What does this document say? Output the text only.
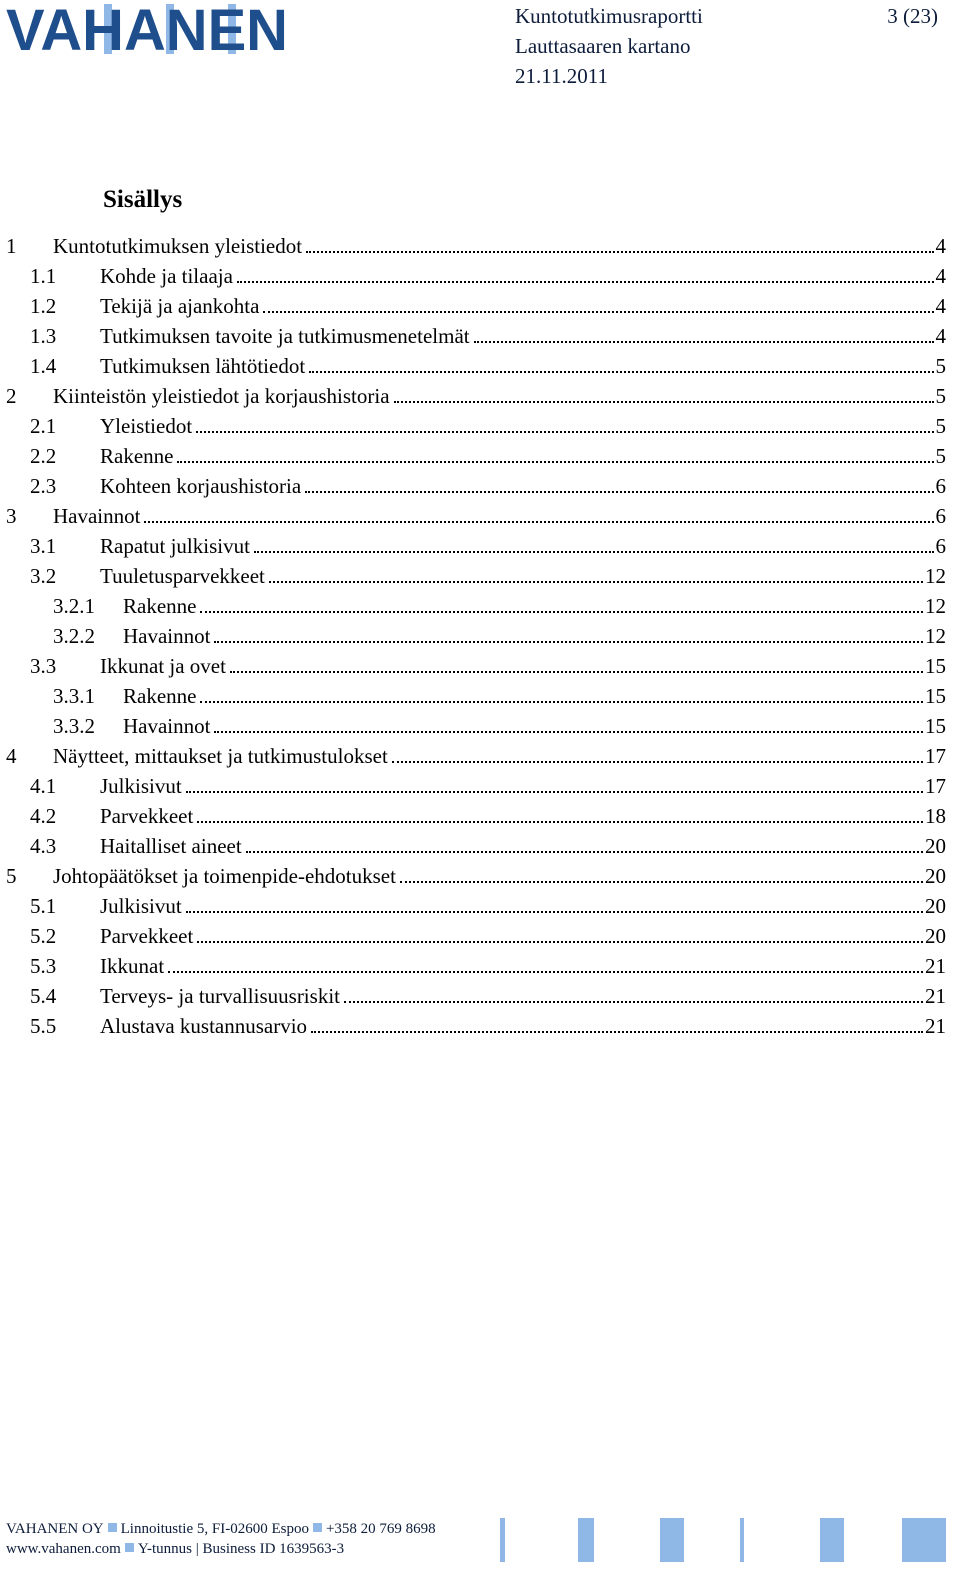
VAHANEN	Kuntotutkimusraportti
Lauttasaaren kartano
21.11.2011
3 (23)
Sisällys
1 Kuntotutkimuksen yleistiedot	4
1.1 Kohde ja tilaaja	4
1.2 Tekijä ja ajankohta	4
1.3 Tutkimuksen tavoite ja tutkimusmenetelmät	4
1.4 Tutkimuksen lähtötiedot	5
2 Kiinteistön yleistiedot ja korjaushistoria	5
2.1 Yleistiedot	5
2.2 Rakenne	5
2.3 Kohteen korjaushistoria	6
3 Havainnot	6
3.1 Rapatut julkisivut	6
3.2 Tuuletusparvekkeet	12
3.2.1 Rakenne	12
3.2.2 Havainnot	12
3.3 Ikkunat ja ovet	15
3.3.1 Rakenne	15
3.3.2 Havainnot	15
4 Näytteet, mittaukset ja tutkimustulokset	17
4.1 Julkisivut	17
4.2 Parvekkeet	18
4.3 Haitalliset aineet	20
5 Johtopäätökset ja toimenpide-ehdotukset	20
5.1 Julkisivut	20
5.2 Parvekkeet	20
5.3 Ikkunat	21
5.4 Terveys- ja turvallisuusriskit	21
5.5 Alustava kustannusarvio	21
VAHANEN OY Linnoitustie 5, FI-02600 Espoo +358 20 769 8698
www.vahanen.com Y-tunnus | Business ID 1639563-3
